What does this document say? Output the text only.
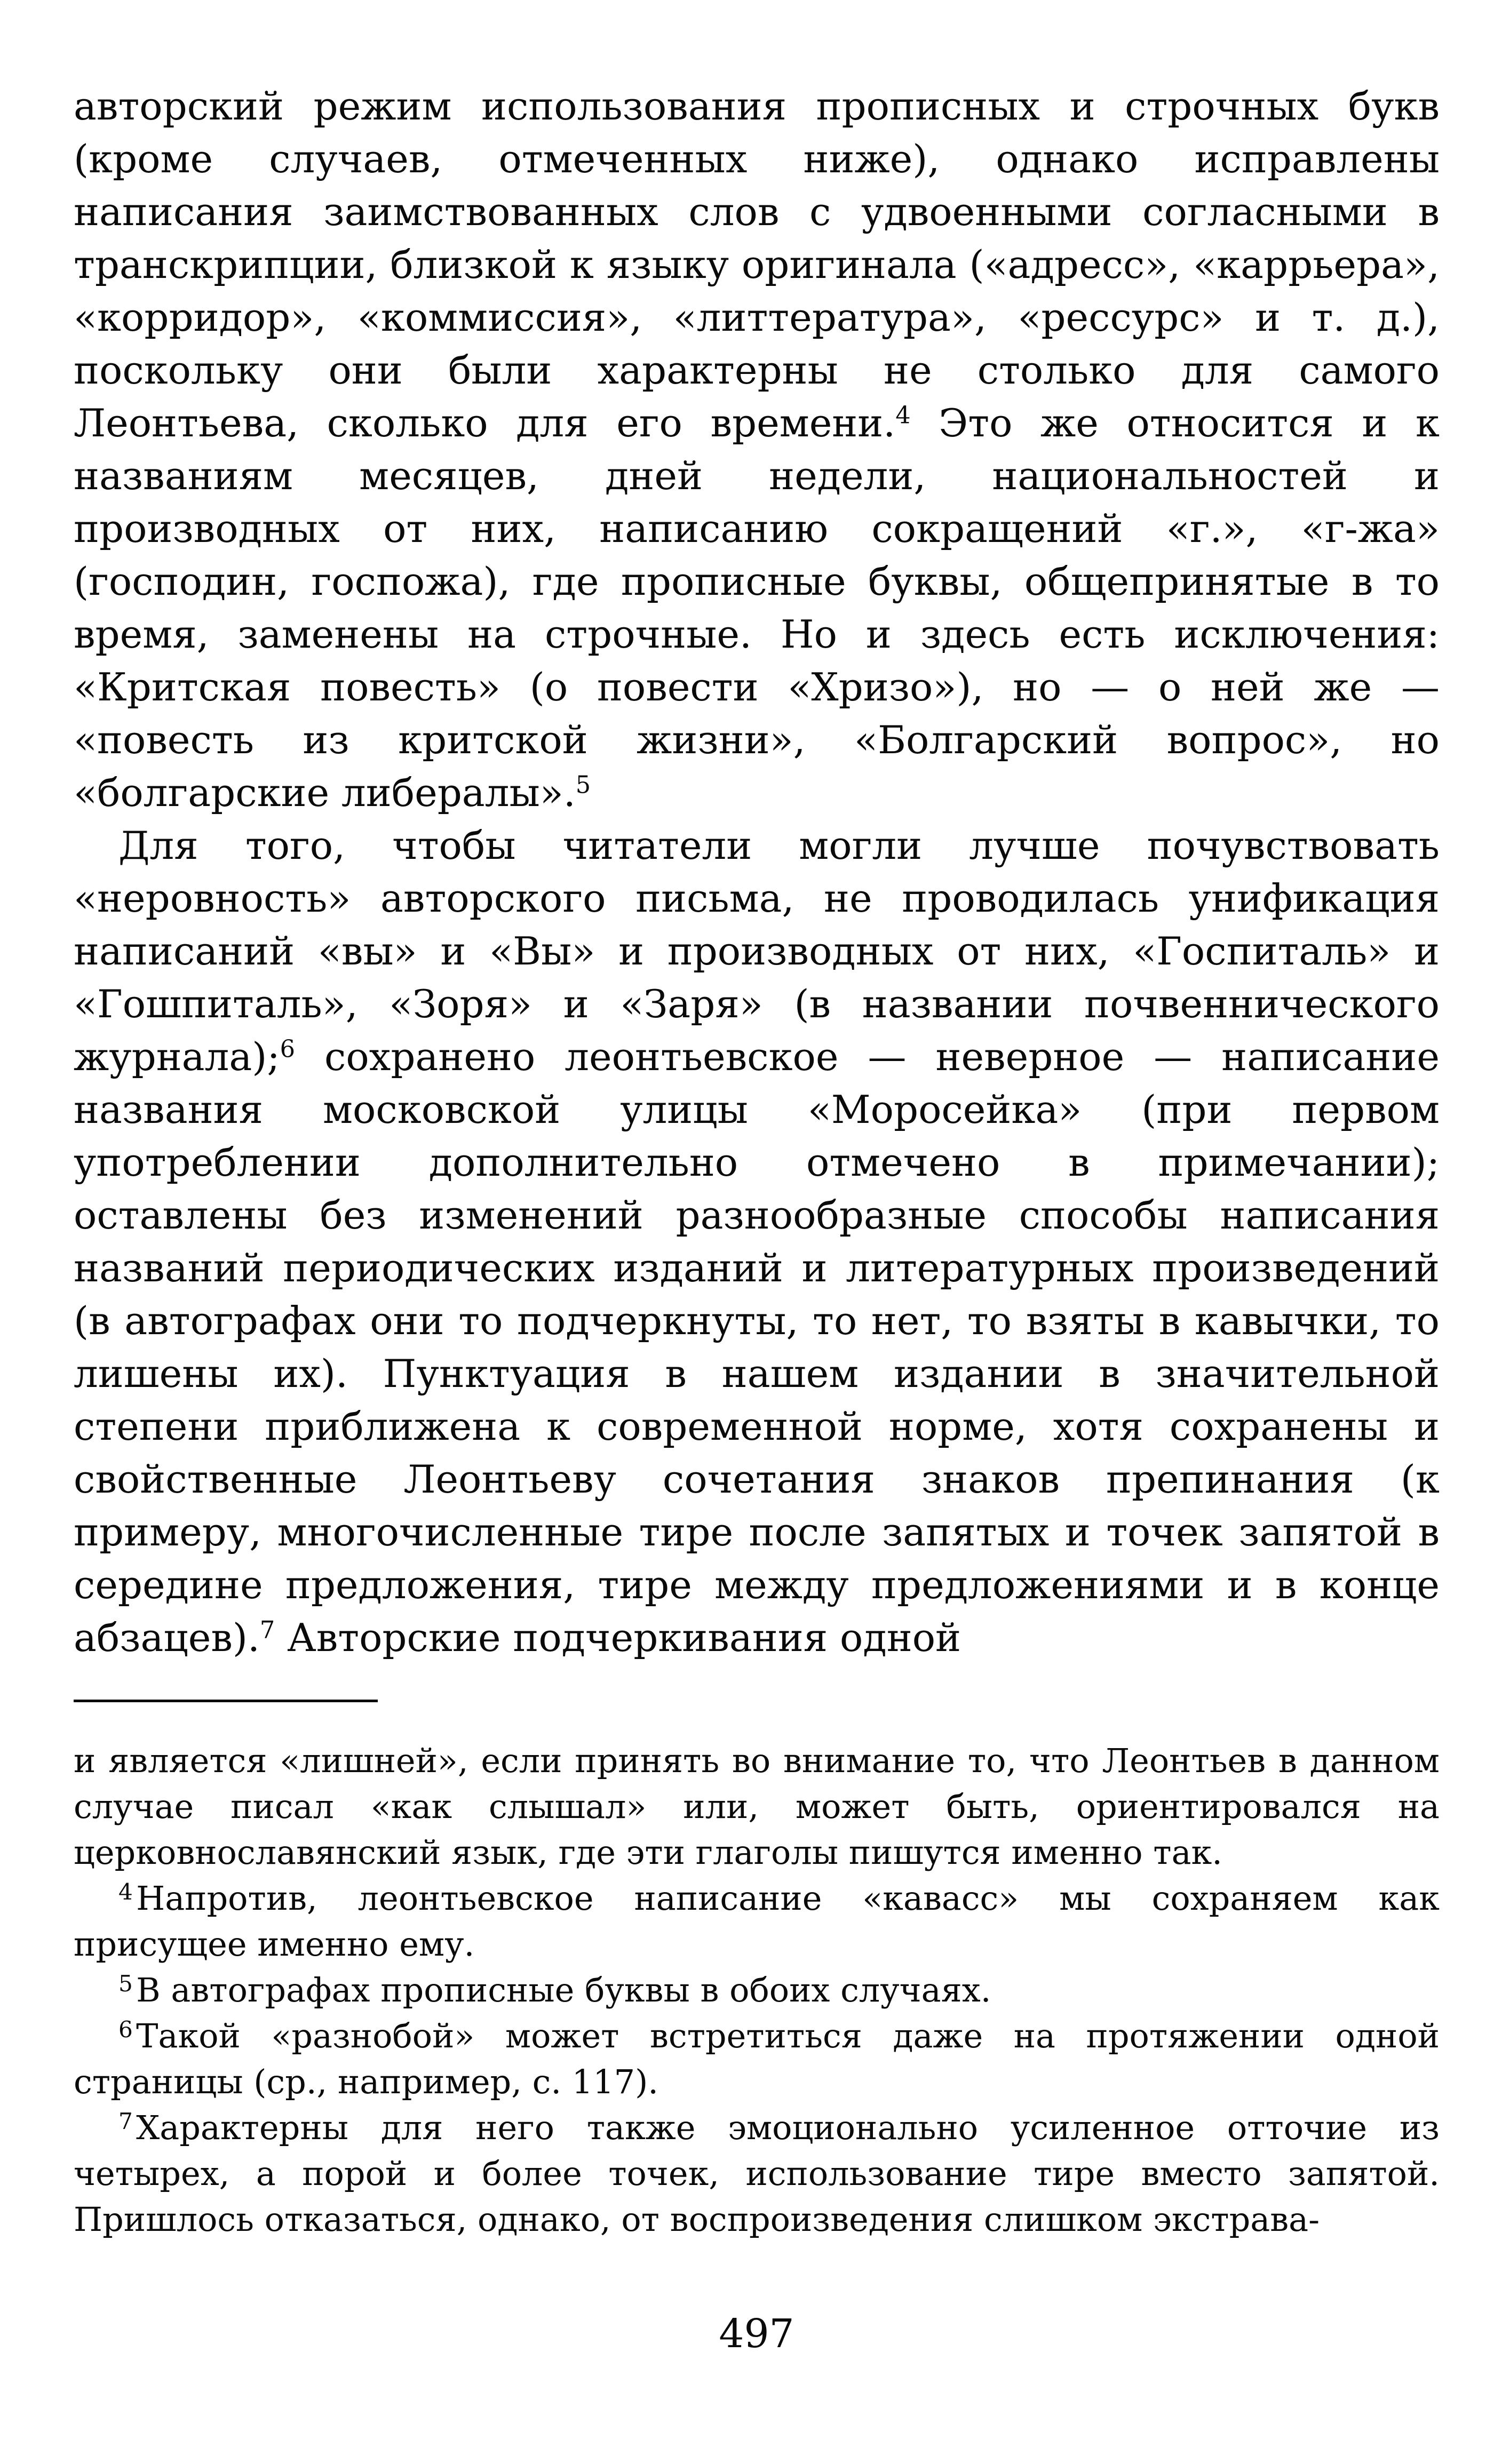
авторский режим использования прописных и строчных букв (кроме случаев, отмеченных ниже), однако исправлены написания заимствованных слов с удвоенными согласными в транскрипции, близкой к языку оригинала («адресс», «каррьера», «корридор», «коммиссия», «литтература», «рессурс» и т. д.), поскольку они были характерны не столько для самого Леонтьева, сколько для его времени.$^4$ Это же относится и к названиям месяцев, дней недели, национальностей и производных от них, написанию сокращений «г.», «г-жа» (господин, госпожа), где прописные буквы, общепринятые в то время, заменены на строчные. Но и здесь есть исключения: «Критская повесть» (о повести «Хризо»), но — о ней же — «повесть из критской жизни», «Болгарский вопрос», но «болгарские либералы».$^5$

Для того, чтобы читатели могли лучше почувствовать «неровность» авторского письма, не проводилась унификация написаний «вы» и «Вы» и производных от них, «Госпиталь» и «Гошпиталь», «Зоря» и «Заря» (в названии почвеннического журнала);$^6$ сохранено леонтьевское — неверное — написание названия московской улицы «Моросейка» (при первом употреблении дополнительно отмечено в примечании); оставлены без изменений разнообразные способы написания названий периодических изданий и литературных произведений (в автографах они то подчеркнуты, то нет, то взяты в кавычки, то лишены их). Пунктуация в нашем издании в значительной степени приближена к современной норме, хотя сохранены и свойственные Леонтьеву сочетания знаков препинания (к примеру, многочисленные тире после запятых и точек запятой в середине предложения, тире между предложениями и в конце абзацев).$^7$ Авторские подчеркивания одной

и является «лишней», если принять во внимание то, что Леонтьев в данном случае писал «как слышал» или, может быть, ориентировался на церковнославянский язык, где эти глаголы пишутся именно так.

$^4$ Напротив, леонтьевское написание «кавасс» мы сохраняем как присущее именно ему.

$^5$ В автографах прописные буквы в обоих случаях.

$^6$ Такой «разнобой» может встретиться даже на протяжении одной страницы (ср., например, с. 117).

$^7$ Характерны для него также эмоционально усиленное отточие из четырех, а порой и более точек, использование тире вместо запятой. Пришлось отказаться, однако, от воспроизведения слишком экстрава-

497
